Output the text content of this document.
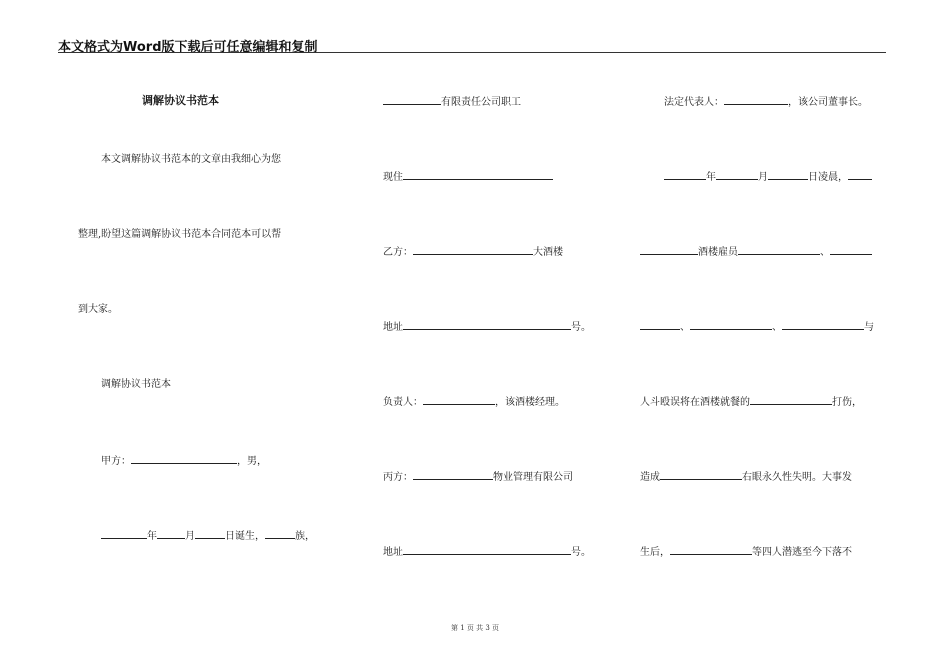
本文格式为Word版下载后可任意编辑和复制
调解协议书范本
本文调解协议书范本的文章由我细心为您
整理,盼望这篇调解协议书范本合同范本可以帮
到大家。
调解协议书范本
甲方：	，男，
年	月	日诞生，	族，
有限责任公司职工
现住
乙方：	大酒楼
地址	号。
负责人：	，该酒楼经理。
丙方：	物业管理有限公司
地址	号。
法定代表人：	，该公司董事长。
年	月	日凌晨，
酒楼雇员	、
、	、	与
人斗殴误将在酒楼就餐的	打伤，
造成	右眼永久性失明。大事发
生后，	等四人潜逃至今下落不
第 1 页 共 3 页
